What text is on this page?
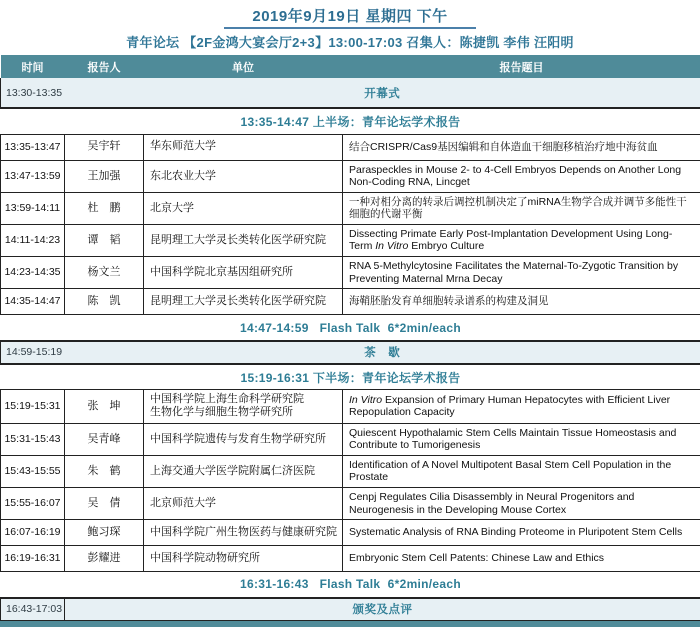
2019年9月19日 星期四 下午
青年论坛 【2F金鸿大宴会厅2+3】13:00-17:03 召集人：陈捷凯 李伟 汪阳明
时间	报告人	单位	报告题目
13:30-13:35	开幕式		
13:35-14:47 上半场：青年论坛学术报告			
13:35-13:47	吴宇轩	华东师范大学	结合CRISPR/Cas9基因编辑和自体造血干细胞移植治疗地中海贫血
13:47-13:59	王加强	东北农业大学	Paraspeckles in Mouse 2- to 4-Cell Embryos Depends on Another Long Non-Coding RNA, Lincget
13:59-14:11	杜　鹏	北京大学	一种对相分离的转录后调控机制决定了miRNA生物学合成并调节多能性干细胞的代谢平衡
14:11-14:23	谭　韬	昆明理工大学灵长类转化医学研究院	Dissecting Primate Early Post-Implantation Development Using Long- Term In Vitro Embryo Culture
14:23-14:35	杨文兰	中国科学院北京基因组研究所	RNA 5-Methylcytosine Facilitates the Maternal-To-Zygotic Transition by Preventing Maternal Mrna Decay
14:35-14:47	陈　凯	昆明理工大学灵长类转化医学研究院	海鞘胚胎发育单细胞转录谱系的构建及洞见
14:47-14:59   Flash Talk  6*2min/each			
14:59-15:19	茶　歇		
15:19-16:31 下半场：青年论坛学术报告			
15:19-15:31	张　坤	中国科学院上海生命科学研究院
生物化学与细胞生物学研究所	In Vitro Expansion of Primary Human Hepatocytes with Efficient Liver Repopulation Capacity
15:31-15:43	吴青峰	中国科学院遗传与发育生物学研究所	Quiescent Hypothalamic Stem Cells Maintain Tissue Homeostasis and Contribute to Tumorigenesis
15:43-15:55	朱　鹤	上海交通大学医学院附属仁济医院	Identification of A Novel Multipotent Basal Stem Cell Population in the Prostate
15:55-16:07	吴　倩	北京师范大学	Cenpj Regulates Cilia Disassembly in Neural Progenitors and Neurogenesis in the Developing Mouse Cortex
16:07-16:19	鲍习琛	中国科学院广州生物医药与健康研究院	Systematic Analysis of RNA Binding Proteome in Pluripotent Stem Cells
16:19-16:31	彭耀进	中国科学院动物研究所	Embryonic Stem Cell Patents: Chinese Law and Ethics
16:31-16:43   Flash Talk  6*2min/each			
16:43-17:03	颁奖及点评		
